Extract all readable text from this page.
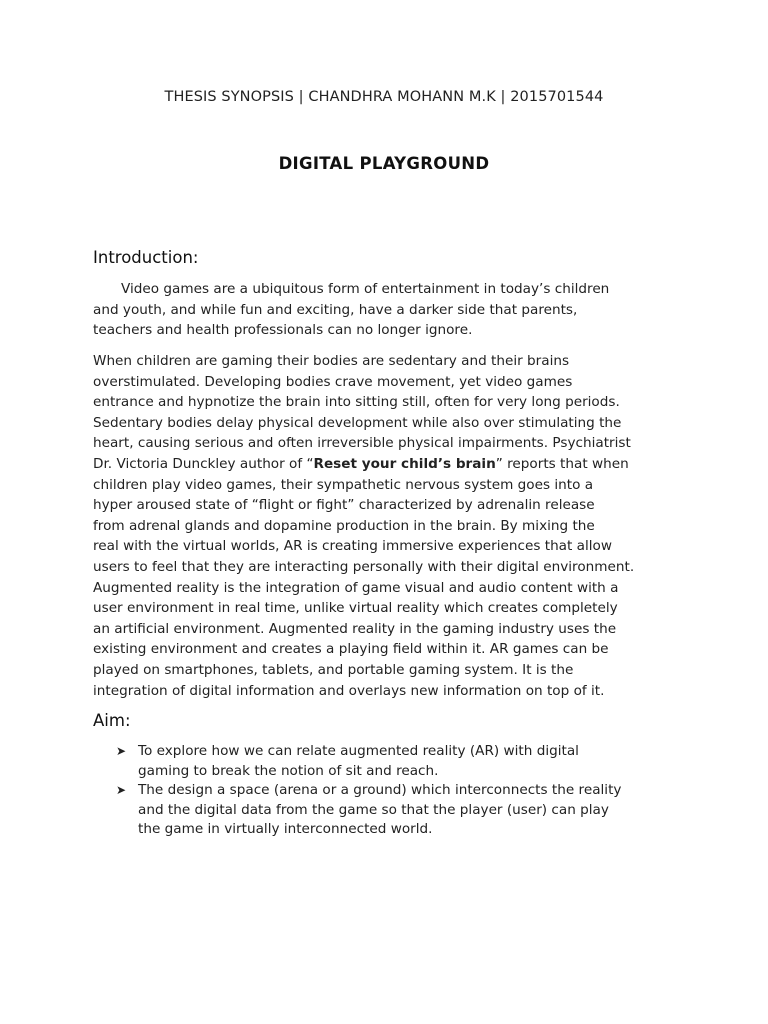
THESIS SYNOPSIS | CHANDHRA MOHANN M.K | 2015701544
DIGITAL PLAYGROUND
Introduction:
Video games are a ubiquitous form of entertainment in today’s children
and youth, and while fun and exciting, have a darker side that parents,
teachers and health professionals can no longer ignore.
When children are gaming their bodies are sedentary and their brains
overstimulated. Developing bodies crave movement, yet video games
entrance and hypnotize the brain into sitting still, often for very long periods.
Sedentary bodies delay physical development while also over stimulating the
heart, causing serious and often irreversible physical impairments. Psychiatrist
Dr. Victoria Dunckley author of “Reset your child’s brain” reports that when
children play video games, their sympathetic nervous system goes into a
hyper aroused state of “flight or fight” characterized by adrenalin release
from adrenal glands and dopamine production in the brain. By mixing the
real with the virtual worlds, AR is creating immersive experiences that allow
users to feel that they are interacting personally with their digital environment.
Augmented reality is the integration of game visual and audio content with a
user environment in real time, unlike virtual reality which creates completely
an artificial environment. Augmented reality in the gaming industry uses the
existing environment and creates a playing field within it. AR games can be
played on smartphones, tablets, and portable gaming system. It is the
integration of digital information and overlays new information on top of it.
Aim:
➤ To explore how we can relate augmented reality (AR) with digital
gaming to break the notion of sit and reach.
➤ The design a space (arena or a ground) which interconnects the reality
and the digital data from the game so that the player (user) can play
the game in virtually interconnected world.
